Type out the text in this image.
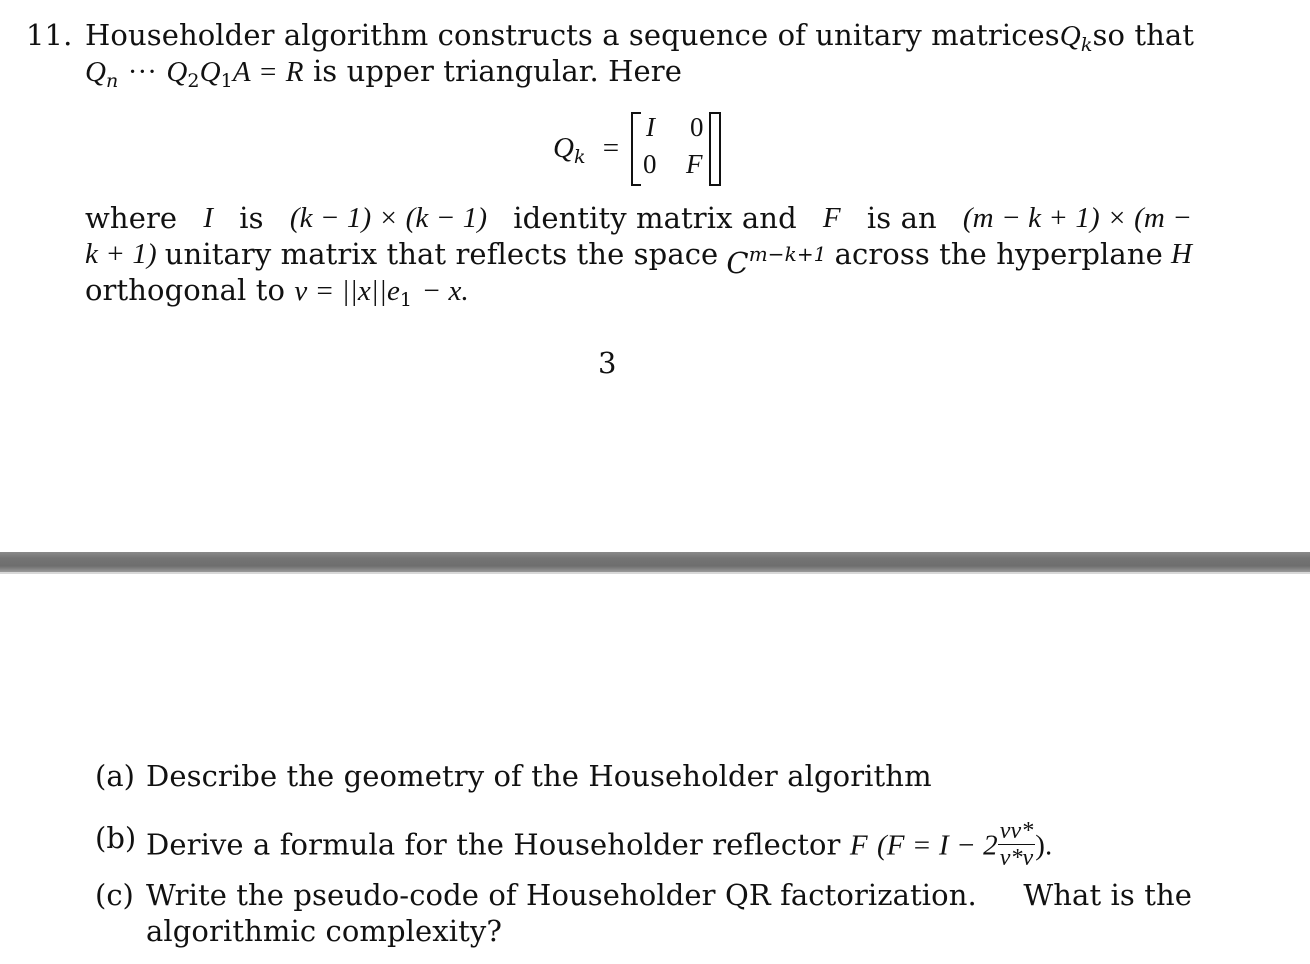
11. Householder algorithm constructs a sequence of unitary matrices $Q_k$ so that
$Q_n$ ··· $Q_2Q_1A = R$ is upper triangular. Here
$Q_k$ =
I 0
0 F
where I is (k − 1) × (k − 1) identity matrix and F is an (m − k + 1) × (m −
k + 1) unitary matrix that reflects the space $C^{m-k+1}$ across the hyperplane H
orthogonal to $v = ||x||e_1 - x$.
3
(a) Describe the geometry of the Householder algorithm
(b) Derive a formula for the Householder reflector F ($F = I - 2 \frac{vv*}{v*v}$ ).
(c) Write the pseudo-code of Householder QR factorization. What is the
algorithmic complexity?
